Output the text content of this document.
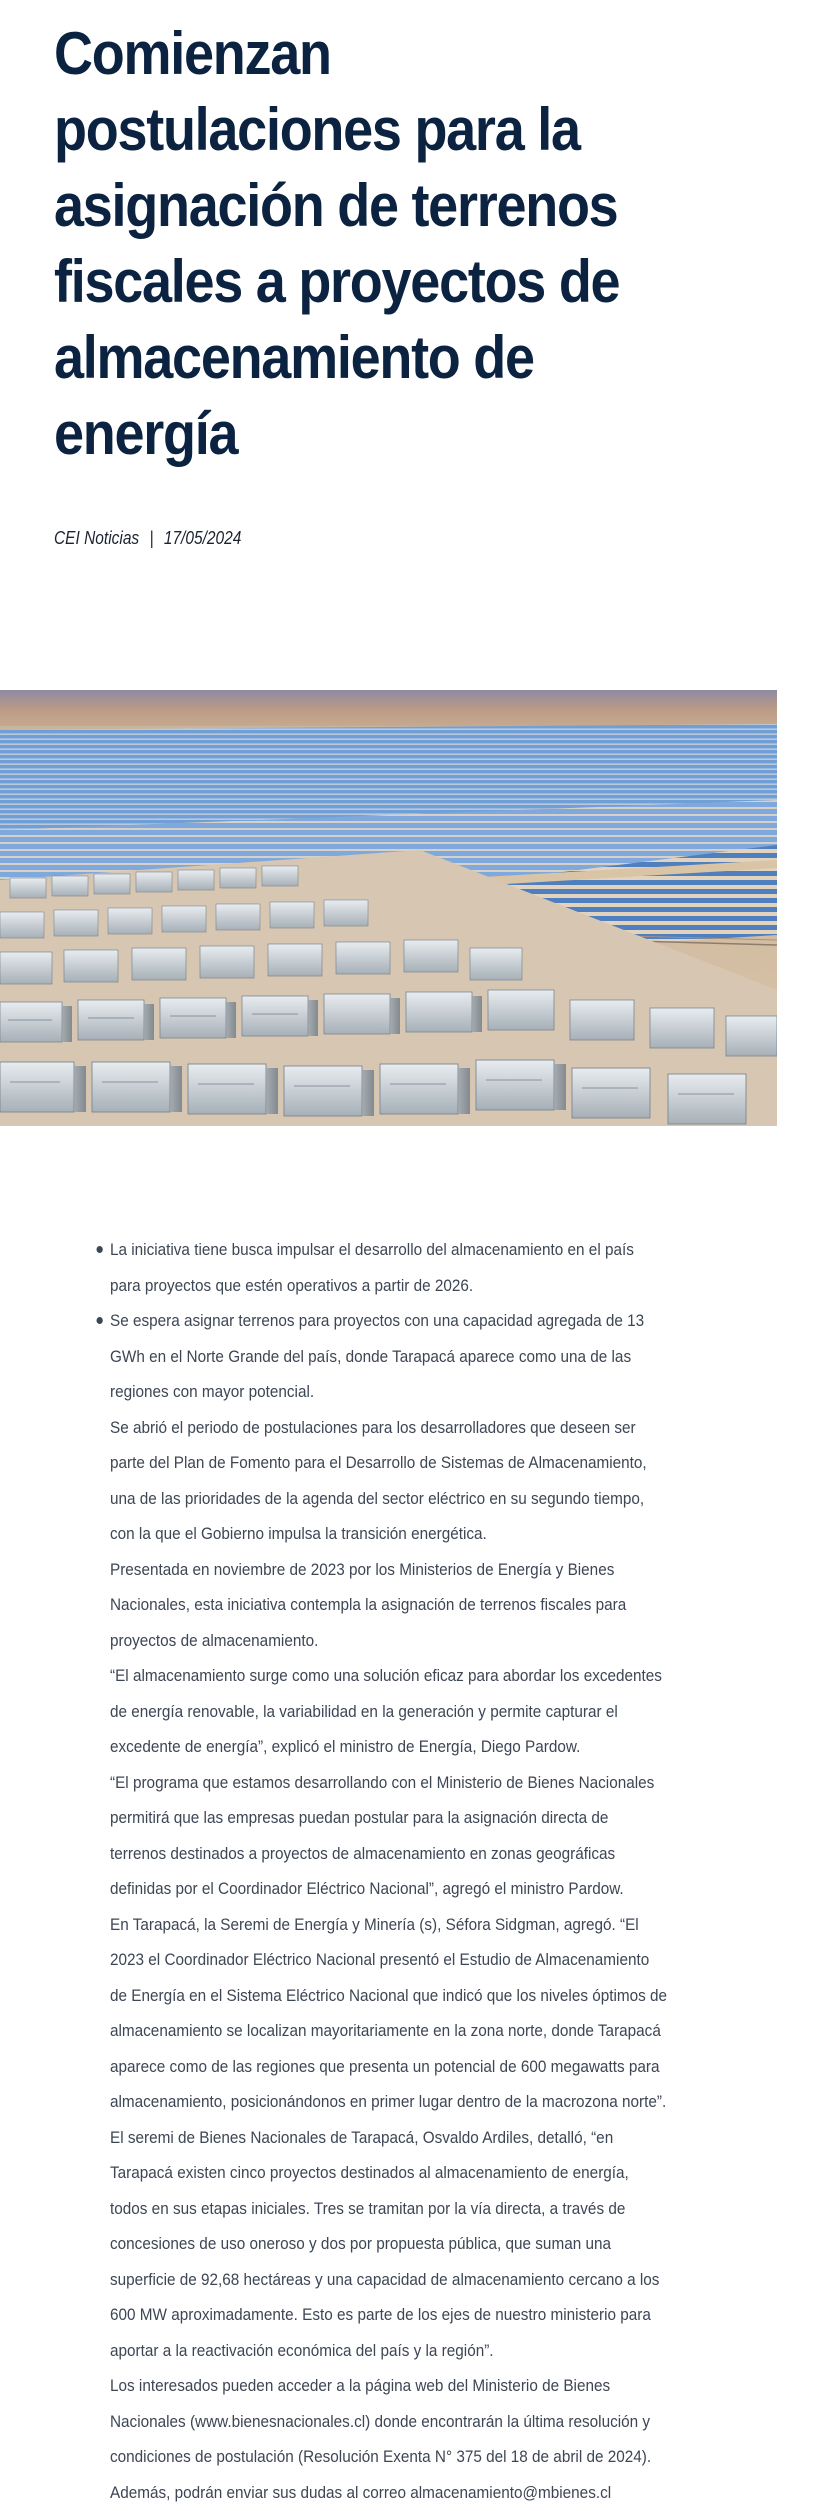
Comienzan postulaciones para la asignación de terrenos fiscales a proyectos de almacenamiento de energía
CEI Noticias | 17/05/2024
La iniciativa tiene busca impulsar el desarrollo del almacenamiento en el país para proyectos que estén operativos a partir de 2026.
Se espera asignar terrenos para proyectos con una capacidad agregada de 13 GWh en el Norte Grande del país, donde Tarapacá aparece como una de las regiones con mayor potencial.

Se abrió el periodo de postulaciones para los desarrolladores que deseen ser parte del Plan de Fomento para el Desarrollo de Sistemas de Almacenamiento, una de las prioridades de la agenda del sector eléctrico en su segundo tiempo, con la que el Gobierno impulsa la transición energética.

Presentada en noviembre de 2023 por los Ministerios de Energía y Bienes Nacionales, esta iniciativa contempla la asignación de terrenos fiscales para proyectos de almacenamiento.

“El almacenamiento surge como una solución eficaz para abordar los excedentes de energía renovable, la variabilidad en la generación y permite capturar el excedente de energía”, explicó el ministro de Energía, Diego Pardow.

“El programa que estamos desarrollando con el Ministerio de Bienes Nacionales permitirá que las empresas puedan postular para la asignación directa de terrenos destinados a proyectos de almacenamiento en zonas geográficas definidas por el Coordinador Eléctrico Nacional”, agregó el ministro Pardow.

En Tarapacá, la Seremi de Energía y Minería (s), Séfora Sidgman, agregó. “El 2023 el Coordinador Eléctrico Nacional presentó el Estudio de Almacenamiento de Energía en el Sistema Eléctrico Nacional que indicó que los niveles óptimos de almacenamiento se localizan mayoritariamente en la zona norte, donde Tarapacá aparece como de las regiones que presenta un potencial de 600 megawatts para almacenamiento, posicionándonos en primer lugar dentro de la macrozona norte”.

El seremi de Bienes Nacionales de Tarapacá, Osvaldo Ardiles, detalló, “en Tarapacá existen cinco proyectos destinados al almacenamiento de energía, todos en sus etapas iniciales. Tres se tramitan por la vía directa, a través de concesiones de uso oneroso y dos por propuesta pública, que suman una superficie de 92,68 hectáreas y una capacidad de almacenamiento cercano a los 600 MW aproximadamente. Esto es parte de los ejes de nuestro ministerio para aportar a la reactivación económica del país y la región”.

Los interesados pueden acceder a la página web del Ministerio de Bienes Nacionales (www.bienesnacionales.cl) donde encontrarán la última resolución y condiciones de postulación (Resolución Exenta N° 375 del 18 de abril de 2024). Además, podrán enviar sus dudas al correo almacenamiento@mbienes.cl
